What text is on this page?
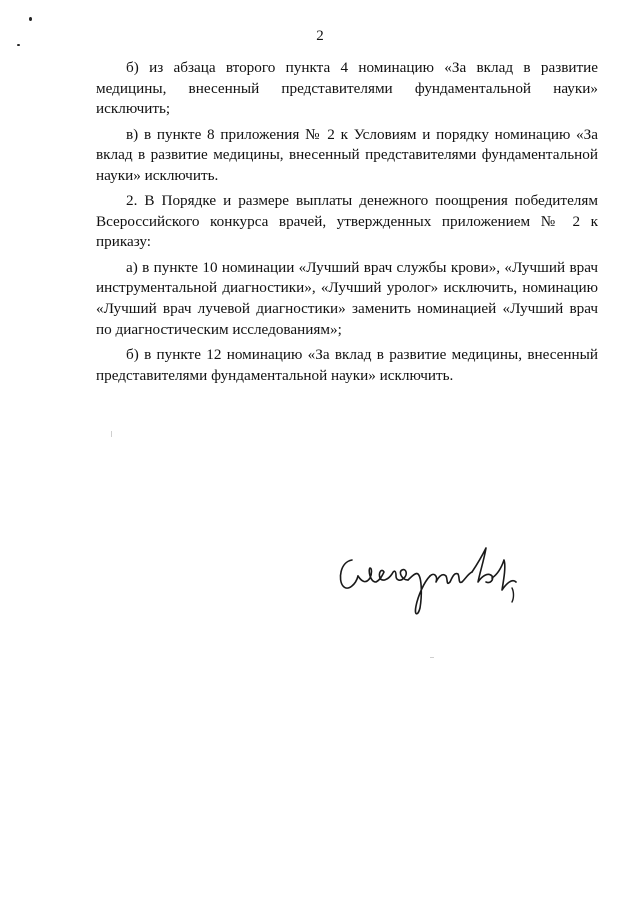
2

б) из абзаца второго пункта 4 номинацию «За вклад в развитие медицины, внесенный представителями фундаментальной науки» исключить;

в) в пункте 8 приложения № 2 к Условиям и порядку номинацию «За вклад в развитие медицины, внесенный представителями фундаментальной науки» исключить.

2. В Порядке и размере выплаты денежного поощрения победителям Всероссийского конкурса врачей, утвержденных приложением № 2 к приказу:

а) в пункте 10 номинации «Лучший врач службы крови», «Лучший врач инструментальной диагностики», «Лучший уролог» исключить, номинацию «Лучший врач лучевой диагностики» заменить номинацией «Лучший врач по диагностическим исследованиям»;

б) в пункте 12 номинацию «За вклад в развитие медицины, внесенный представителями фундаментальной науки» исключить.
